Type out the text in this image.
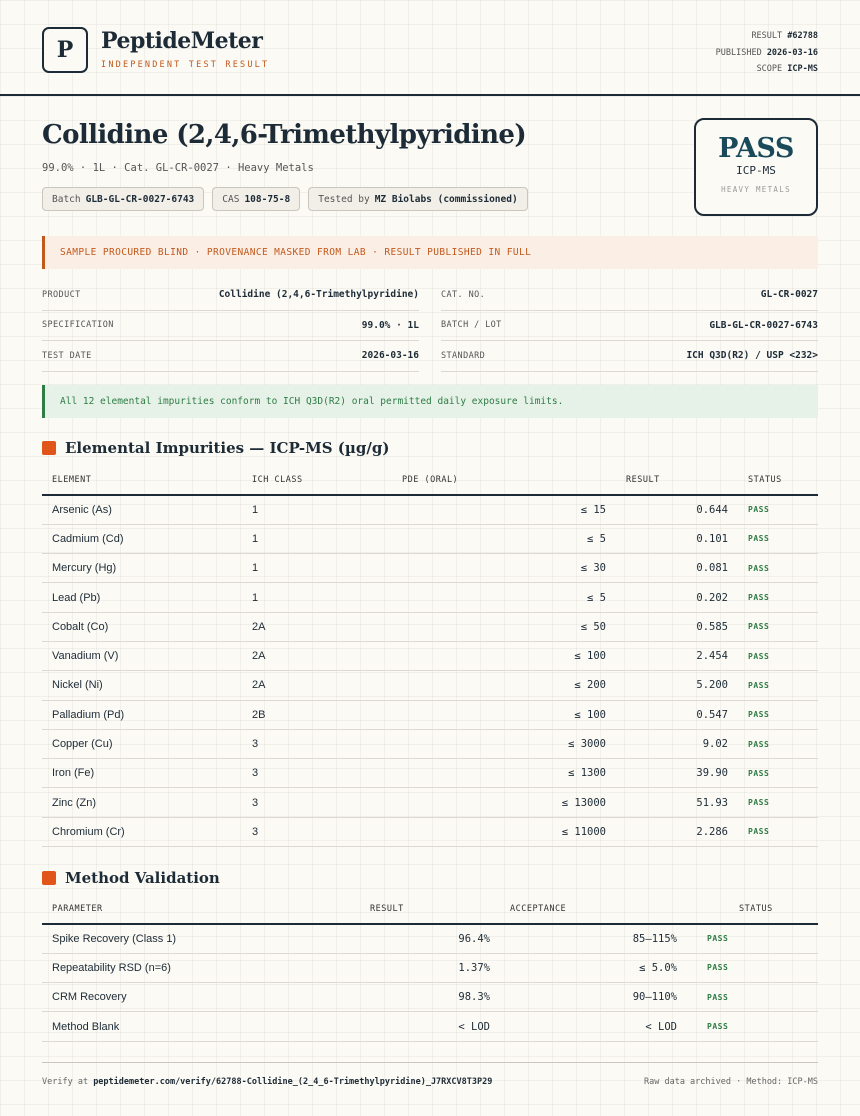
P PeptideMeter
INDEPENDENT TEST RESULT
RESULT #62788
PUBLISHED 2026-03-16
SCOPE ICP-MS
Collidine (2,4,6-Trimethylpyridine)
99.0% · 1L · Cat. GL-CR-0027 · Heavy Metals
Batch GLB-GL-CR-0027-6743	CAS 108-75-8	Tested by MZ Biolabs (commissioned)
PASS
ICP-MS
HEAVY METALS
SAMPLE PROCURED BLIND · PROVENANCE MASKED FROM LAB · RESULT PUBLISHED IN FULL
PRODUCT	Collidine (2,4,6-Trimethylpyridine)	CAT. NO.	GL-CR-0027
SPECIFICATION	99.0% · 1L	BATCH / LOT	GLB-GL-CR-0027-6743
TEST DATE	2026-03-16	STANDARD	ICH Q3D(R2) / USP <232>
All 12 elemental impurities conform to ICH Q3D(R2) oral permitted daily exposure limits.
Elemental Impurities — ICP-MS (µg/g)
ELEMENT	ICH CLASS	PDE (ORAL)	RESULT	STATUS
Arsenic (As)	1	≤ 15	0.644	PASS
Cadmium (Cd)	1	≤ 5	0.101	PASS
Mercury (Hg)	1	≤ 30	0.081	PASS
Lead (Pb)	1	≤ 5	0.202	PASS
Cobalt (Co)	2A	≤ 50	0.585	PASS
Vanadium (V)	2A	≤ 100	2.454	PASS
Nickel (Ni)	2A	≤ 200	5.200	PASS
Palladium (Pd)	2B	≤ 100	0.547	PASS
Copper (Cu)	3	≤ 3000	9.02	PASS
Iron (Fe)	3	≤ 1300	39.90	PASS
Zinc (Zn)	3	≤ 13000	51.93	PASS
Chromium (Cr)	3	≤ 11000	2.286	PASS
Method Validation
PARAMETER	RESULT	ACCEPTANCE	STATUS
Spike Recovery (Class 1)	96.4%	85–115%	PASS
Repeatability RSD (n=6)	1.37%	≤ 5.0%	PASS
CRM Recovery	98.3%	90–110%	PASS
Method Blank	< LOD	< LOD	PASS
Verify at peptidemeter.com/verify/62788-Collidine_(2_4_6-Trimethylpyridine)_J7RXCV8T3P29	Raw data archived · Method: ICP-MS
